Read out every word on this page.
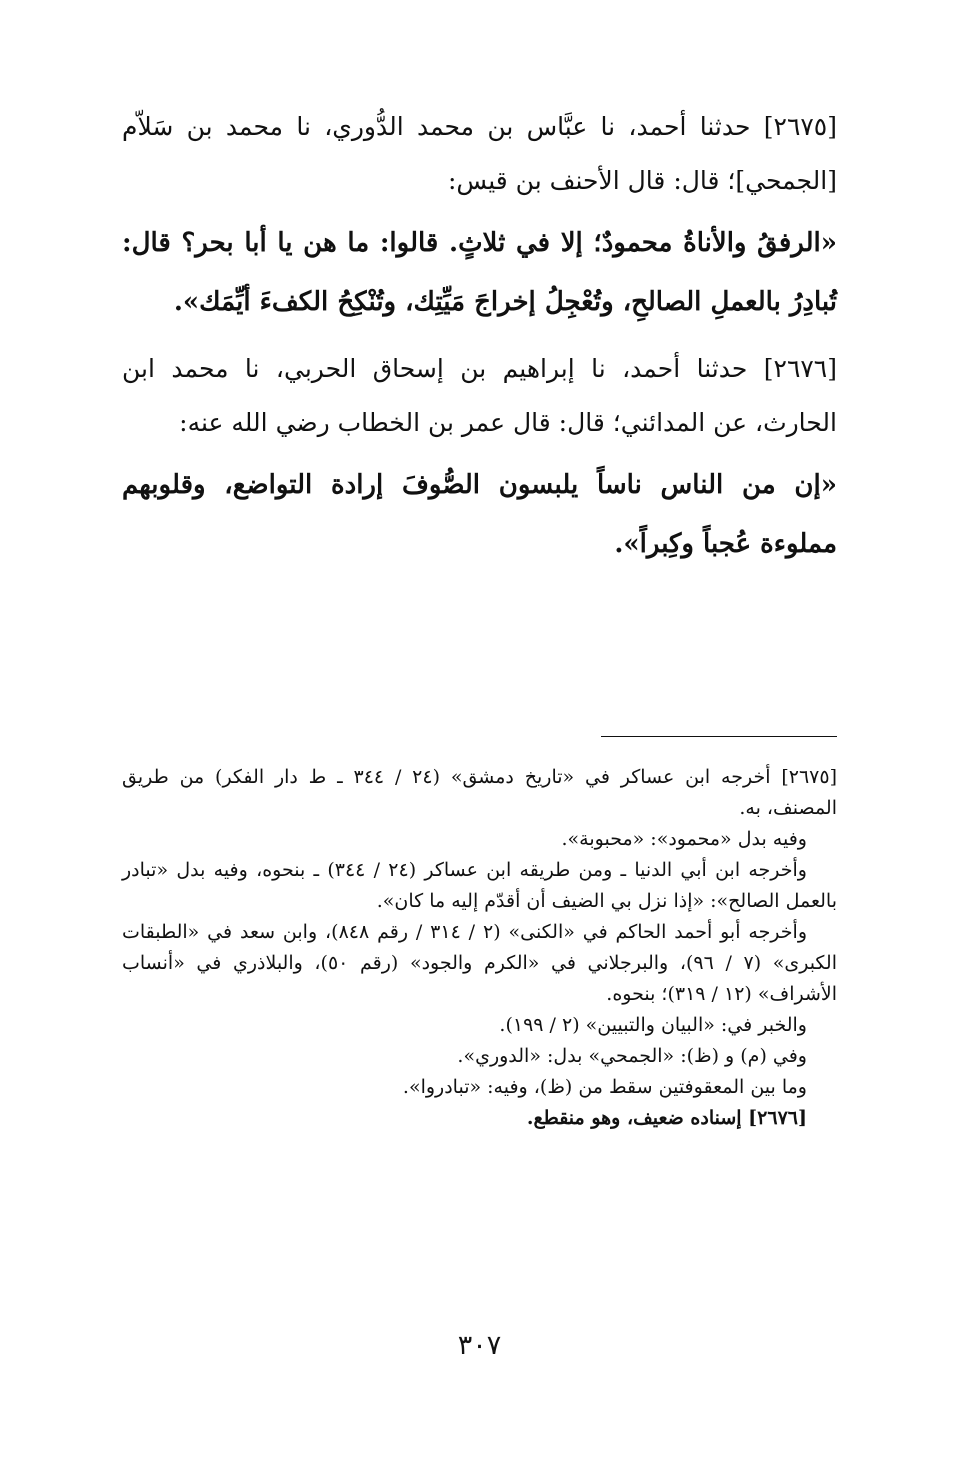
[٢٦٧٥] حدثنا أحمد، نا عبَّاس بن محمد الدُّوري، نا محمد بن سَلاّم [الجمحي]؛ قال: قال الأحنف بن قيس:

«الرفقُ والأناةُ محمودٌ؛ إلا في ثلاثٍ. قالوا: ما هن يا أبا بحر؟ قال: تُبادِرُ بالعملِ الصالحِ، وتُعْجِلُ إخراجَ مَيِّتِك، وتُنْكِحُ الكفءَ أيِّمَك».

[٢٦٧٦] حدثنا أحمد، نا إبراهيم بن إسحاق الحربي، نا محمد ابن الحارث، عن المدائني؛ قال: قال عمر بن الخطاب رضي الله عنه:

«إن من الناس ناساً يلبسون الصُّوفَ إرادة التواضع، وقلوبهم مملوءة عُجباً وكِبراً».

[٢٦٧٥] أخرجه ابن عساكر في «تاريخ دمشق» (٢٤ / ٣٤٤ ـ ط دار الفكر) من طريق المصنف، به.

وفيه بدل «محمود»: «محبوبة».

وأخرجه ابن أبي الدنيا ـ ومن طريقه ابن عساكر (٢٤ / ٣٤٤) ـ بنحوه، وفيه بدل «تبادر بالعمل الصالح»: «إذا نزل بي الضيف أن أقدّم إليه ما كان».

وأخرجه أبو أحمد الحاكم في «الكنى» (٢ / ٣١٤ / رقم ٨٤٨)، وابن سعد في «الطبقات الكبرى» (٧ / ٩٦)، والبرجلاني في «الكرم والجود» (رقم ٥٠)، والبلاذري في «أنساب الأشراف» (١٢ / ٣١٩)؛ بنحوه.

والخبر في: «البيان والتبيين» (٢ / ١٩٩).

وفي (م) و (ظ): «الجمحي» بدل: «الدوري».

وما بين المعقوفتين سقط من (ظ)، وفيه: «تبادروا».

[٢٦٧٦] إسناده ضعيف، وهو منقطع.

٣٠٧
